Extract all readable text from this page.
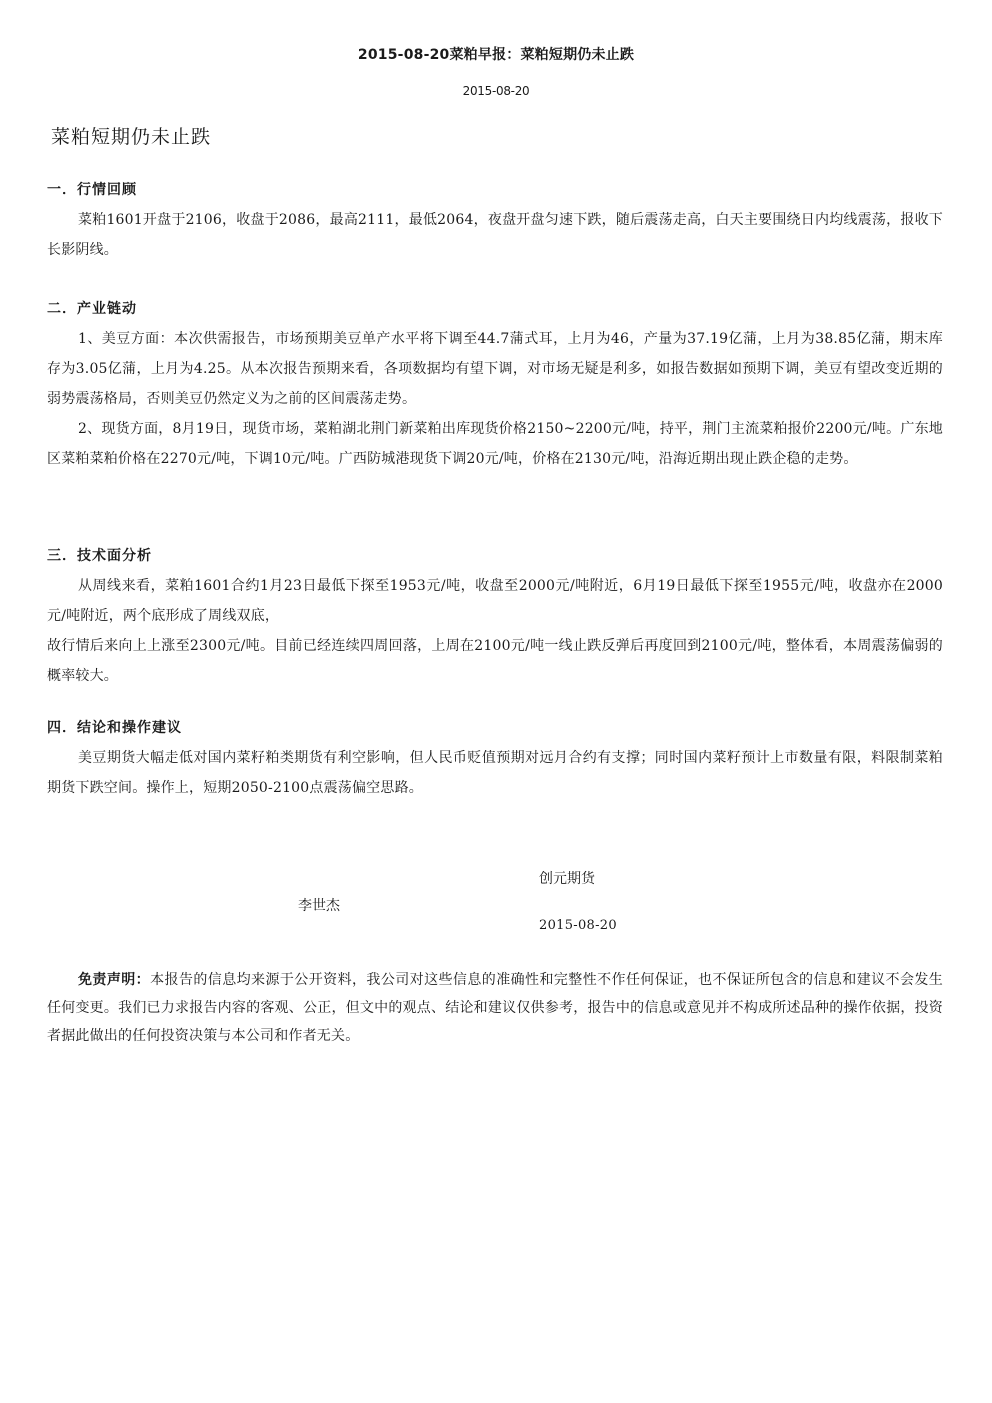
2015-08-20菜粕早报：菜粕短期仍未止跌
2015-08-20
菜粕短期仍未止跌
一．行情回顾

菜粕1601开盘于2106，收盘于2086，最高2111，最低2064，夜盘开盘匀速下跌，随后震荡走高，白天主要围绕日内均线震荡，报收下长影阴线。

二．产业链动

1、美豆方面：本次供需报告，市场预期美豆单产水平将下调至44.7蒲式耳，上月为46，产量为37.19亿蒲，上月为38.85亿蒲，期末库存为3.05亿蒲，上月为4.25。从本次报告预期来看，各项数据均有望下调，对市场无疑是利多，如报告数据如预期下调，美豆有望改变近期的弱势震荡格局，否则美豆仍然定义为之前的区间震荡走势。

2、现货方面，8月19日，现货市场，菜粕湖北荆门新菜粕出库现货价格2150~2200元/吨，持平，荆门主流菜粕报价2200元/吨。广东地区菜粕菜粕价格在2270元/吨，下调10元/吨。广西防城港现货下调20元/吨，价格在2130元/吨，沿海近期出现止跌企稳的走势。

三．技术面分析

从周线来看，菜粕1601合约1月23日最低下探至1953元/吨，收盘至2000元/吨附近，6月19日最低下探至1955元/吨，收盘亦在2000元/吨附近，两个底形成了周线双底，

故行情后来向上上涨至2300元/吨。目前已经连续四周回落，上周在2100元/吨一线止跌反弹后再度回到2100元/吨，整体看，本周震荡偏弱的概率较大。

四．结论和操作建议

美豆期货大幅走低对国内菜籽粕类期货有利空影响，但人民币贬值预期对远月合约有支撑；同时国内菜籽预计上市数量有限，料限制菜粕期货下跌空间。操作上，短期2050-2100点震荡偏空思路。

创元期货
李世杰
2015-08-20

免责声明：本报告的信息均来源于公开资料，我公司对这些信息的准确性和完整性不作任何保证，也不保证所包含的信息和建议不会发生任何变更。我们已力求报告内容的客观、公正，但文中的观点、结论和建议仅供参考，报告中的信息或意见并不构成所述品种的操作依据，投资者据此做出的任何投资决策与本公司和作者无关。
